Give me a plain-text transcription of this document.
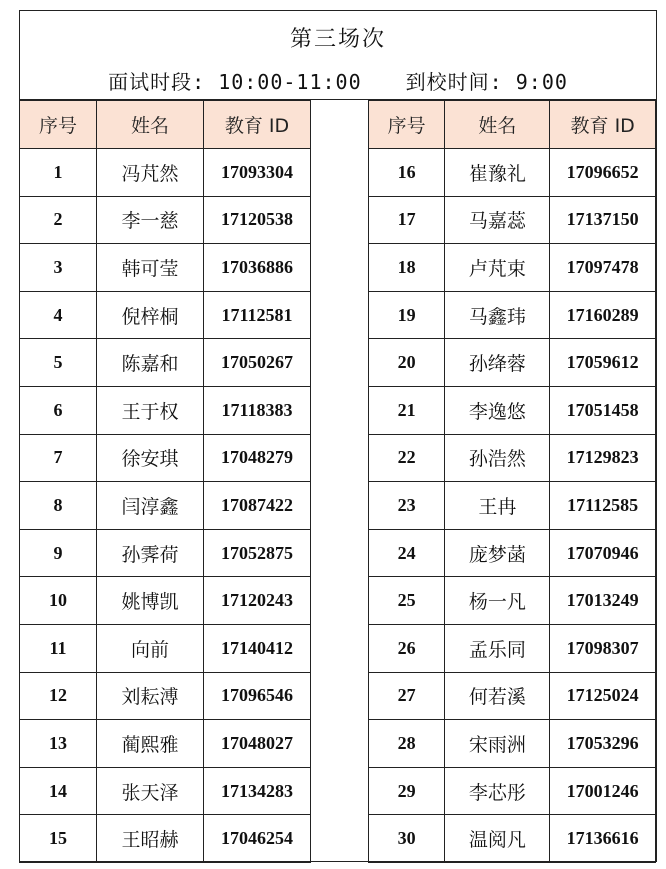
第三场次
面试时段: 10:00-11:00 到校时间: 9:00
序号	姓名	教育 ID
1	冯芃然	17093304
2	李一慈	17120538
3	韩可莹	17036886
4	倪梓桐	17112581
5	陈嘉和	17050267
6	王于权	17118383
7	徐安琪	17048279
8	闫淳鑫	17087422
9	孙霁荷	17052875
10	姚博凯	17120243
11	向前	17140412
12	刘耘溥	17096546
13	蔺熙雅	17048027
14	张天泽	17134283
15	王昭赫	17046254
序号	姓名	教育 ID
16	崔豫礼	17096652
17	马嘉蕊	17137150
18	卢芃束	17097478
19	马鑫玮	17160289
20	孙绛蓉	17059612
21	李逸悠	17051458
22	孙浩然	17129823
23	王冉	17112585
24	庞梦菡	17070946
25	杨一凡	17013249
26	孟乐同	17098307
27	何若溪	17125024
28	宋雨洲	17053296
29	李芯彤	17001246
30	温阅凡	17136616
